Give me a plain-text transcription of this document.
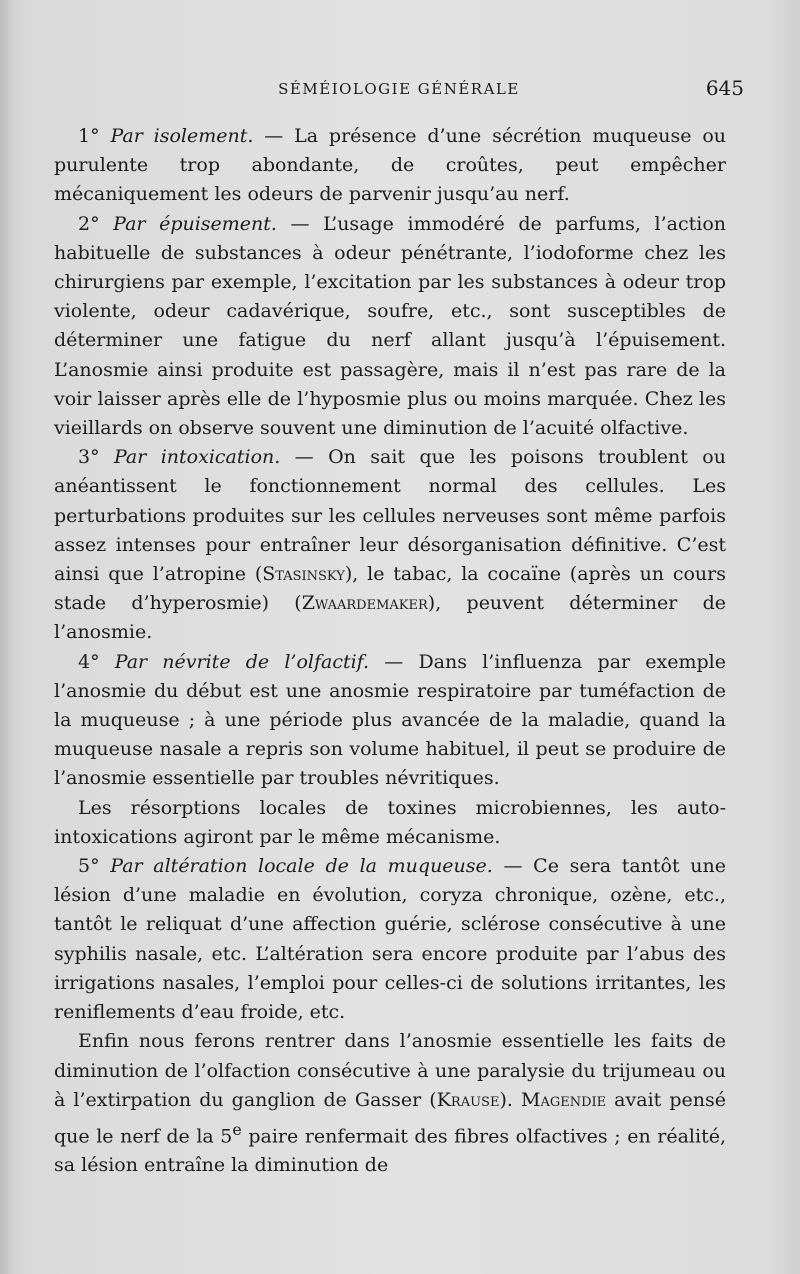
SÉMÉIOLOGIE GÉNÉRALE	645

1° Par isolement. — La présence d’une sécrétion muqueuse ou purulente trop abondante, de croûtes, peut empêcher mécaniquement les odeurs de parvenir jusqu’au nerf.

2° Par épuisement. — L’usage immodéré de parfums, l’action habituelle de substances à odeur pénétrante, l’iodoforme chez les chirurgiens par exemple, l’excitation par les substances à odeur trop violente, odeur cadavérique, soufre, etc., sont susceptibles de déterminer une fatigue du nerf allant jusqu’à l’épuisement. L’anosmie ainsi produite est passagère, mais il n’est pas rare de la voir laisser après elle de l’hyposmie plus ou moins marquée. Chez les vieillards on observe souvent une diminution de l’acuité olfactive.

3° Par intoxication. — On sait que les poisons troublent ou anéantissent le fonctionnement normal des cellules. Les perturbations produites sur les cellules nerveuses sont même parfois assez intenses pour entraîner leur désorganisation définitive. C’est ainsi que l’atropine (Stasinsky), le tabac, la cocaïne (après un cours stade d’hyperosmie) (Zwaardemaker), peuvent déterminer de l’anosmie.

4° Par névrite de l’olfactif. — Dans l’influenza par exemple l’anosmie du début est une anosmie respiratoire par tuméfaction de la muqueuse ; à une période plus avancée de la maladie, quand la muqueuse nasale a repris son volume habituel, il peut se produire de l’anosmie essentielle par troubles névritiques.

Les résorptions locales de toxines microbiennes, les auto-intoxications agiront par le même mécanisme.

5° Par altération locale de la muqueuse. — Ce sera tantôt une lésion d’une maladie en évolution, coryza chronique, ozène, etc., tantôt le reliquat d’une affection guérie, sclérose consécutive à une syphilis nasale, etc. L’altération sera encore produite par l’abus des irrigations nasales, l’emploi pour celles-ci de solutions irritantes, les reniflements d’eau froide, etc.

Enfin nous ferons rentrer dans l’anosmie essentielle les faits de diminution de l’olfaction consécutive à une paralysie du trijumeau ou à l’extirpation du ganglion de Gasser (Krause). Magendie avait pensé que le nerf de la 5e paire renfermait des fibres olfactives ; en réalité, sa lésion entraîne la diminution de
